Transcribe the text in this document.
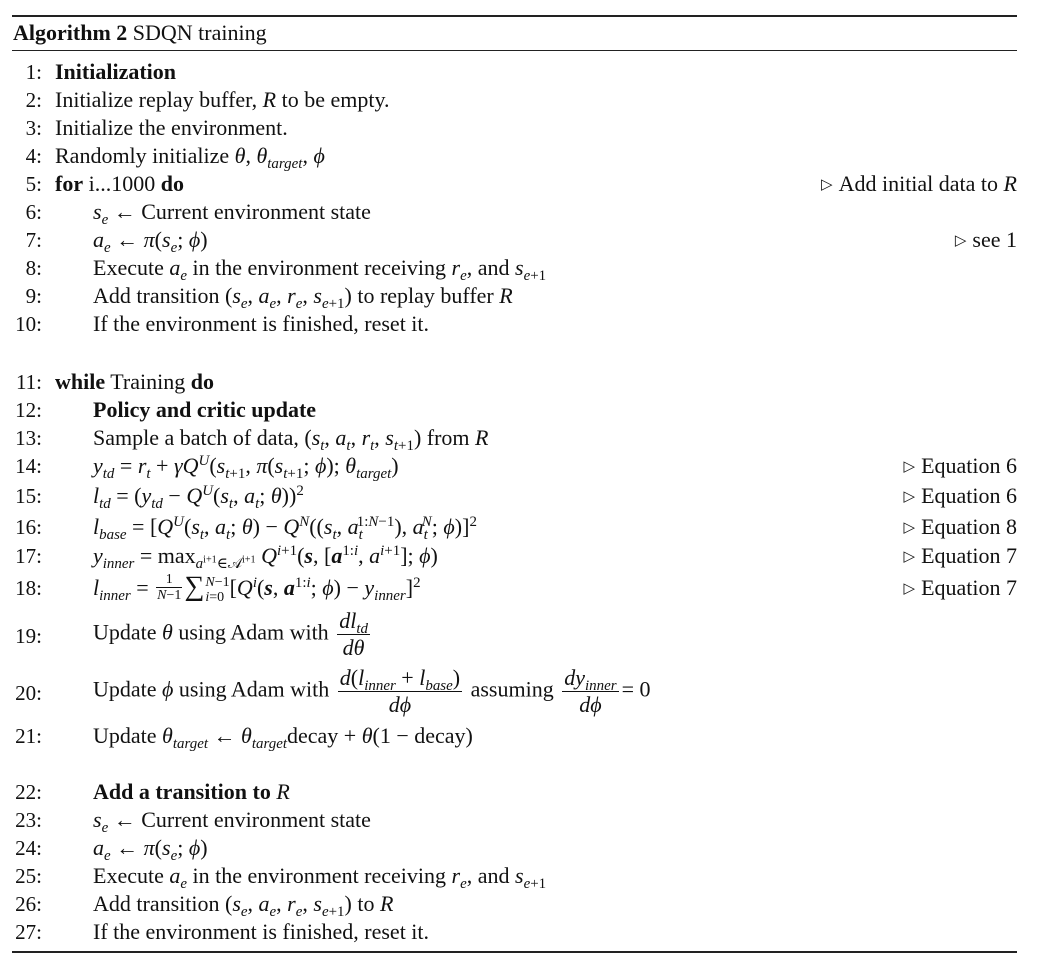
Algorithm 2 SDQN training
1: Initialization
2: Initialize replay buffer, R to be empty.
3: Initialize the environment.
4: Randomly initialize θ, $\theta_{target}$, ϕ
5: for i...1000 do	▷ Add initial data to R
6: $s_e$ ← Current environment state
7: $a_e$ ← $\pi(s_e$; ϕ)	▷ see 1
8: Execute $a_e$ in the environment receiving $r_e$, and $s_{e+1}$
9: Add transition ($s_e$, $a_e$, $r_e$, $s_{e+1}$) to replay buffer R
10: If the environment is finished, reset it.
11: while Training do
12: Policy and critic update
13: Sample a batch of data, ($s_t$, $a_t$, $r_t$, $s_{t+1}$) from R
14: $y_{td} = r_t + \gamma Q^U(s_{t+1}$, $\pi(s_{t+1}$; ϕ); $\theta_{target}$)	▷ Equation 6
15: $l_{td} = (y_{td} - Q^U(s_t$, $a_t$; θ))$^2$	▷ Equation 6
16: $l_{base} = [Q^U(s_t$, $a_t$; $\theta) - Q^N((s_t$, $a_t^{1:N-1}$), $a_t^N$; ϕ)]$^2$	▷ Equation 8
17: $y_{inner} = \max_{a^{i+1}\in 𝒜^{i+1}} Q^{i+1}(s$, [$a^{1:i}$, $a^{i+1}$]; ϕ)	▷ Equation 7
18: $l_{inner} = \frac{1}{N-1}$ ∑ N−1
i=0 [$Q^i(s$, $a^{1:i}$; $\phi) - y_{inner}]^2$	▷ Equation 7
19: Update θ using Adam with $\frac{dl_{td}}{d\theta}$
20: Update ϕ using Adam with $\frac{d(l_{inner} + l_{base})}{d\phi}$ assuming $\frac{dy_{inner}}{d\phi} = 0$
21: Update $\theta_{target}$ ← $\theta_{target}decay + \theta(1$ − decay)
22: Add a transition to R
23: $s_e$ ← Current environment state
24: $a_e$ ← $\pi(s_e$; ϕ)
25: Execute $a_e$ in the environment receiving $r_e$, and $s_{e+1}$
26: Add transition ($s_e$, $a_e$, $r_e$, $s_{e+1}$) to R
27: If the environment is finished, reset it.
